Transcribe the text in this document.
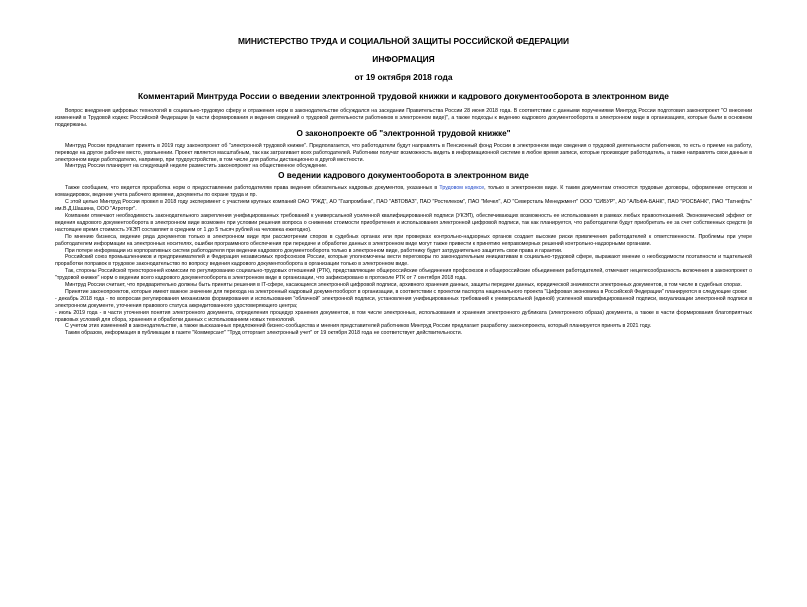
МИНИСТЕРСТВО ТРУДА И СОЦИАЛЬНОЙ ЗАЩИТЫ РОССИЙСКОЙ ФЕДЕРАЦИИ
ИНФОРМАЦИЯ
от 19 октября 2018 года
Комментарий Минтруда России о введении электронной трудовой книжки и кадрового документооборота в электронном виде

Вопрос внедрения цифровых технологий в социально-трудовую сферу и отражения норм в законодательстве обсуждался на заседании Правительства России 28 июня 2018 года. В соответствии с данными поручениями Минтруд России подготовил законопроект "О внесении изменений в Трудовой кодекс Российской Федерации (в части формирования и ведения сведений о трудовой деятельности работников в электронном виде)", а также подходы к ведению кадрового документооборота в электронном виде в организациях, которые были в основном поддержаны.

О законопроекте об "электронной трудовой книжке"

Минтруд России предлагает принять в 2019 году законопроект об "электронной трудовой книжке". Предполагается, что работодатели будут направлять в Пенсионный фонд России в электронном виде сведения о трудовой деятельности работников, то есть о приеме на работу, переводе на другое рабочее место, увольнении. Проект является масштабным, так как затрагивает всех работодателей. Работники получат возможность видеть в информационной системе в любое время записи, которые производит работодатель, а также направлять свои данные в электронном виде работодателю, например, при трудоустройстве, в том числе для работы дистанционно в другой местности.

Минтруд России планирует на следующей неделе разместить законопроект на общественное обсуждение.

О ведении кадрового документооборота в электронном виде

Также сообщаем, что ведется проработка норм о предоставлении работодателям права ведения обязательных кадровых документов, указанных в Трудовом кодексе, только в электронном виде. К таким документам относятся трудовые договоры, оформление отпусков и командировок, ведение учета рабочего времени, документы по охране труда и пр.

С этой целью Минтруд России провел в 2018 году эксперимент с участием крупных компаний ОАО "РЖД", АО "Газпромбанк", ПАО "АВТОВАЗ", ПАО "Ростелеком", ПАО "Мечел", АО "Северсталь Менеджмент" ООО "СИБУР", АО "АЛЬФА-БАНК", ПАО "РОСБАНК", ПАО "Татнефть" им.В.Д.Шашина, ООО "Агроторг".

Компании отмечают необходимость законодательного закрепления унифицированных требований к универсальной усиленной квалифицированной подписи (УКЭП), обеспечивающих возможность ее использования в рамках любых правоотношений. Экономический эффект от ведения кадрового документооборота в электронном виде возможен при условии решения вопроса о снижении стоимости приобретения и использования электронной цифровой подписи, так как планируется, что работодатели будут приобретать ее за счет собственных средств (в настоящее время стоимость УКЭП составляет в среднем от 1 до 5 тысяч рублей на человека ежегодно).

По мнению бизнеса, ведение ряда документов только в электронном виде при рассмотрении споров в судебных органах или при проверках контрольно-надзорных органов создает высокие риски привлечения работодателей к ответственности. Проблемы при утере работодателем информации на электронных носителях, ошибки программного обеспечения при передаче и обработке данных в электронном виде могут также привести к принятию неправомерных решений контрольно-надзорными органами.

При потере информации из корпоративных систем работодателя при ведении кадрового документооборота только в электронном виде, работнику будет затруднительно защитить свои права и гарантии.

Российский союз промышленников и предпринимателей и Федерация независимых профсоюзов России, которые уполномочены вести переговоры по законодательным инициативам в социально-трудовой сфере, выражают мнение о необходимости поэтапности и тщательной проработки поправок в трудовое законодательство по вопросу ведения кадрового документооборота в организации только в электронном виде.

Так, стороны Российской трехсторонней комиссии по регулированию социально-трудовых отношений (РТК), представляющие общероссийские объединения профсоюзов и общероссийские объединения работодателей, отмечают нецелесообразность включения в законопроект о "трудовой книжке" норм о ведении всего кадрового документооборота в электронном виде в организации, что зафиксировано в протоколе РТК от 7 сентября 2018 года.

Минтруд России считает, что предварительно должны быть приняты решения в IT-сфере, касающиеся электронной цифровой подписи, архивного хранения данных, защиты передачи данных, юридической значимости электронных документов, в том числе в судебных спорах.

Принятие законопроектов, которые имеют важное значение для перехода на электронный кадровый документооборот в организации, в соответствии с проектом паспорта национального проекта "Цифровая экономика в Российской Федерации" планируются в следующие сроки:

- декабрь 2018 года - по вопросам регулирования механизмов формирования и использования "облачной" электронной подписи, установления унифицированных требований к универсальной (единой) усиленной квалифицированной подписи, визуализации электронной подписи в электронном документе, уточнения правового статуса аккредитованного удостоверяющего центра;

- июль 2019 года - в части уточнения понятия электронного документа, определения процедур хранения документов, в том числе электронных, использования и хранения электронного дубликата (электронного образа) документа, а также в части формирования благоприятных правовых условий для сбора, хранения и обработки данных с использованием новых технологий.

С учетом этих изменений в законодательстве, а также высказанных предложений бизнес-сообщества и мнения представителей работников Минтруд России предлагает разработку законопроекта, который планируется принять в 2021 году.

Таким образом, информация в публикации в газете "Коммерсант" "Труд отторгает электронный учет" от 19 октября 2018 года не соответствует действительности.
